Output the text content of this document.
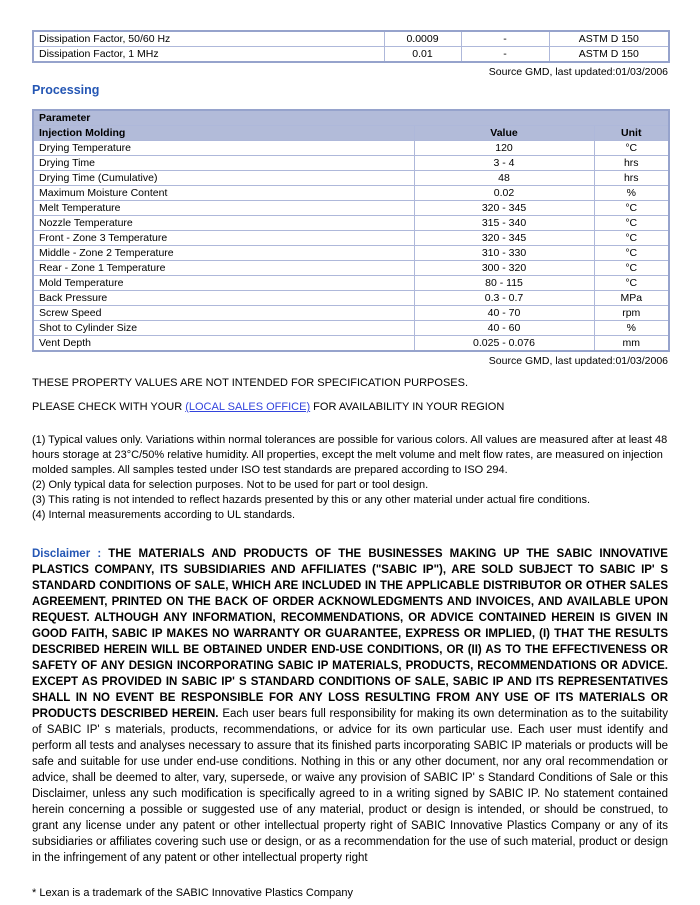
Dissipation Factor, 50/60 Hz	0.0009	-	ASTM D 150
Dissipation Factor, 1 MHz	0.01	-	ASTM D 150
Source GMD, last updated:01/03/2006
Processing
Parameter		
Injection Molding	Value	Unit
Drying Temperature	120	°C
Drying Time	3 - 4	hrs
Drying Time (Cumulative)	48	hrs
Maximum Moisture Content	0.02	%
Melt Temperature	320 - 345	°C
Nozzle Temperature	315 - 340	°C
Front - Zone 3 Temperature	320 - 345	°C
Middle - Zone 2 Temperature	310 - 330	°C
Rear - Zone 1 Temperature	300 - 320	°C
Mold Temperature	80 - 115	°C
Back Pressure	0.3 - 0.7	MPa
Screw Speed	40 - 70	rpm
Shot to Cylinder Size	40 - 60	%
Vent Depth	0.025 - 0.076	mm
Source GMD, last updated:01/03/2006
THESE PROPERTY VALUES ARE NOT INTENDED FOR SPECIFICATION PURPOSES.
PLEASE CHECK WITH YOUR (LOCAL SALES OFFICE) FOR AVAILABILITY IN YOUR REGION
(1) Typical values only. Variations within normal tolerances are possible for various colors. All values are measured after at least 48 hours storage at 23°C/50% relative humidity. All properties, except the melt volume and melt flow rates, are measured on injection molded samples. All samples tested under ISO test standards are prepared according to ISO 294.
(2) Only typical data for selection purposes. Not to be used for part or tool design.
(3) This rating is not intended to reflect hazards presented by this or any other material under actual fire conditions.
(4) Internal measurements according to UL standards.
Disclaimer : THE MATERIALS AND PRODUCTS OF THE BUSINESSES MAKING UP THE SABIC INNOVATIVE PLASTICS COMPANY, ITS SUBSIDIARIES AND AFFILIATES ("SABIC IP"), ARE SOLD SUBJECT TO SABIC IP' S STANDARD CONDITIONS OF SALE, WHICH ARE INCLUDED IN THE APPLICABLE DISTRIBUTOR OR OTHER SALES AGREEMENT, PRINTED ON THE BACK OF ORDER ACKNOWLEDGMENTS AND INVOICES, AND AVAILABLE UPON REQUEST. ALTHOUGH ANY INFORMATION, RECOMMENDATIONS, OR ADVICE CONTAINED HEREIN IS GIVEN IN GOOD FAITH, SABIC IP MAKES NO WARRANTY OR GUARANTEE, EXPRESS OR IMPLIED, (I) THAT THE RESULTS DESCRIBED HEREIN WILL BE OBTAINED UNDER END-USE CONDITIONS, OR (II) AS TO THE EFFECTIVENESS OR SAFETY OF ANY DESIGN INCORPORATING SABIC IP MATERIALS, PRODUCTS, RECOMMENDATIONS OR ADVICE. EXCEPT AS PROVIDED IN SABIC IP' S STANDARD CONDITIONS OF SALE, SABIC IP AND ITS REPRESENTATIVES SHALL IN NO EVENT BE RESPONSIBLE FOR ANY LOSS RESULTING FROM ANY USE OF ITS MATERIALS OR PRODUCTS DESCRIBED HEREIN. Each user bears full responsibility for making its own determination as to the suitability of SABIC IP' s materials, products, recommendations, or advice for its own particular use. Each user must identify and perform all tests and analyses necessary to assure that its finished parts incorporating SABIC IP materials or products will be safe and suitable for use under end-use conditions. Nothing in this or any other document, nor any oral recommendation or advice, shall be deemed to alter, vary, supersede, or waive any provision of SABIC IP' s Standard Conditions of Sale or this Disclaimer, unless any such modification is specifically agreed to in a writing signed by SABIC IP. No statement contained herein concerning a possible or suggested use of any material, product or design is intended, or should be construed, to grant any license under any patent or other intellectual property right of SABIC Innovative Plastics Company or any of its subsidiaries or affiliates covering such use or design, or as a recommendation for the use of such material, product or design in the infringement of any patent or other intellectual property right
* Lexan is a trademark of the SABIC Innovative Plastics Company
